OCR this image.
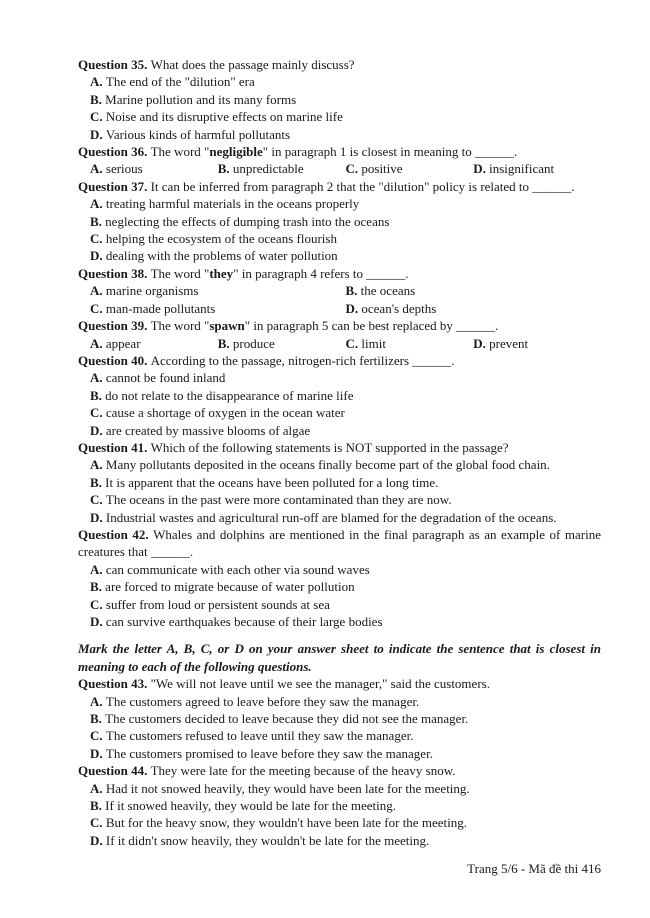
Question 35. What does the passage mainly discuss?
A. The end of the "dilution" era
B. Marine pollution and its many forms
C. Noise and its disruptive effects on marine life
D. Various kinds of harmful pollutants
Question 36. The word "negligible" in paragraph 1 is closest in meaning to ______.
A. serious	B. unpredictable	C. positive	D. insignificant
Question 37. It can be inferred from paragraph 2 that the "dilution" policy is related to ______.
A. treating harmful materials in the oceans properly
B. neglecting the effects of dumping trash into the oceans
C. helping the ecosystem of the oceans flourish
D. dealing with the problems of water pollution
Question 38. The word "they" in paragraph 4 refers to ______.
A. marine organisms	B. the oceans
C. man-made pollutants	D. ocean's depths
Question 39. The word "spawn" in paragraph 5 can be best replaced by ______.
A. appear	B. produce	C. limit	D. prevent
Question 40. According to the passage, nitrogen-rich fertilizers ______.
A. cannot be found inland
B. do not relate to the disappearance of marine life
C. cause a shortage of oxygen in the ocean water
D. are created by massive blooms of algae
Question 41. Which of the following statements is NOT supported in the passage?
A. Many pollutants deposited in the oceans finally become part of the global food chain.
B. It is apparent that the oceans have been polluted for a long time.
C. The oceans in the past were more contaminated than they are now.
D. Industrial wastes and agricultural run-off are blamed for the degradation of the oceans.
Question 42. Whales and dolphins are mentioned in the final paragraph as an example of marine creatures that ______.
A. can communicate with each other via sound waves
B. are forced to migrate because of water pollution
C. suffer from loud or persistent sounds at sea
D. can survive earthquakes because of their large bodies
Mark the letter A, B, C, or D on your answer sheet to indicate the sentence that is closest in meaning to each of the following questions.
Question 43. "We will not leave until we see the manager," said the customers.
A. The customers agreed to leave before they saw the manager.
B. The customers decided to leave because they did not see the manager.
C. The customers refused to leave until they saw the manager.
D. The customers promised to leave before they saw the manager.
Question 44. They were late for the meeting because of the heavy snow.
A. Had it not snowed heavily, they would have been late for the meeting.
B. If it snowed heavily, they would be late for the meeting.
C. But for the heavy snow, they wouldn't have been late for the meeting.
D. If it didn't snow heavily, they wouldn't be late for the meeting.
Trang 5/6 - Mã đề thi 416
